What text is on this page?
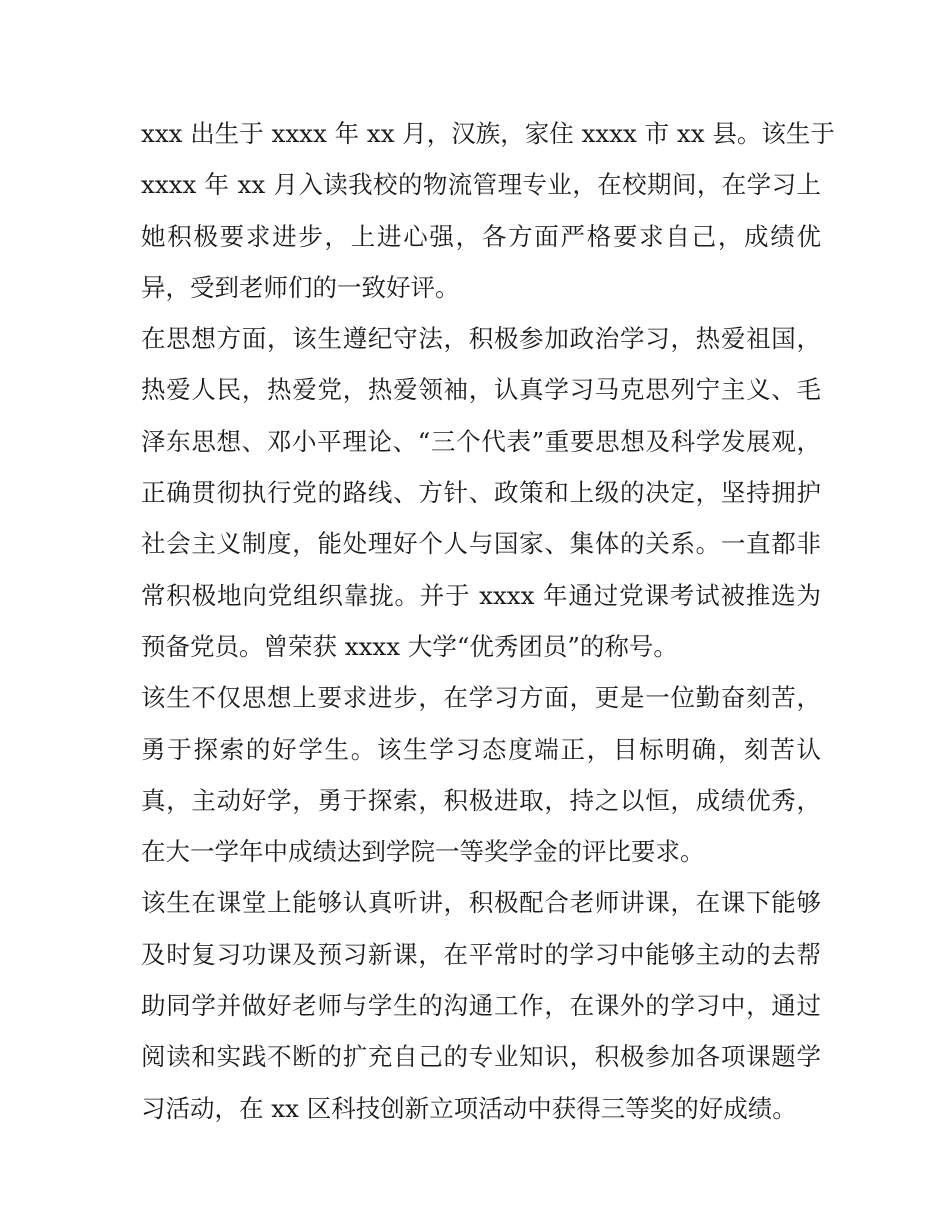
xxx 出生于 xxxx 年 xx 月，汉族，家住 xxxx 市 xx 县。该生于
xxxx 年 xx 月入读我校的物流管理专业，在校期间，在学习上
她积极要求进步，上进心强，各方面严格要求自己，成绩优
异，受到老师们的一致好评。
在思想方面，该生遵纪守法，积极参加政治学习，热爱祖国，
热爱人民，热爱党，热爱领袖，认真学习马克思列宁主义、毛
泽东思想、邓小平理论、“三个代表”重要思想及科学发展观，
正确贯彻执行党的路线、方针、政策和上级的决定，坚持拥护
社会主义制度，能处理好个人与国家、集体的关系。一直都非
常积极地向党组织靠拢。并于 xxxx 年通过党课考试被推选为
预备党员。曾荣获 xxxx 大学“优秀团员”的称号。
该生不仅思想上要求进步，在学习方面，更是一位勤奋刻苦，
勇于探索的好学生。该生学习态度端正，目标明确，刻苦认
真，主动好学，勇于探索，积极进取，持之以恒，成绩优秀，
在大一学年中成绩达到学院一等奖学金的评比要求。
该生在课堂上能够认真听讲，积极配合老师讲课，在课下能够
及时复习功课及预习新课，在平常时的学习中能够主动的去帮
助同学并做好老师与学生的沟通工作，在课外的学习中，通过
阅读和实践不断的扩充自己的专业知识，积极参加各项课题学
习活动，在 xx 区科技创新立项活动中获得三等奖的好成绩。
